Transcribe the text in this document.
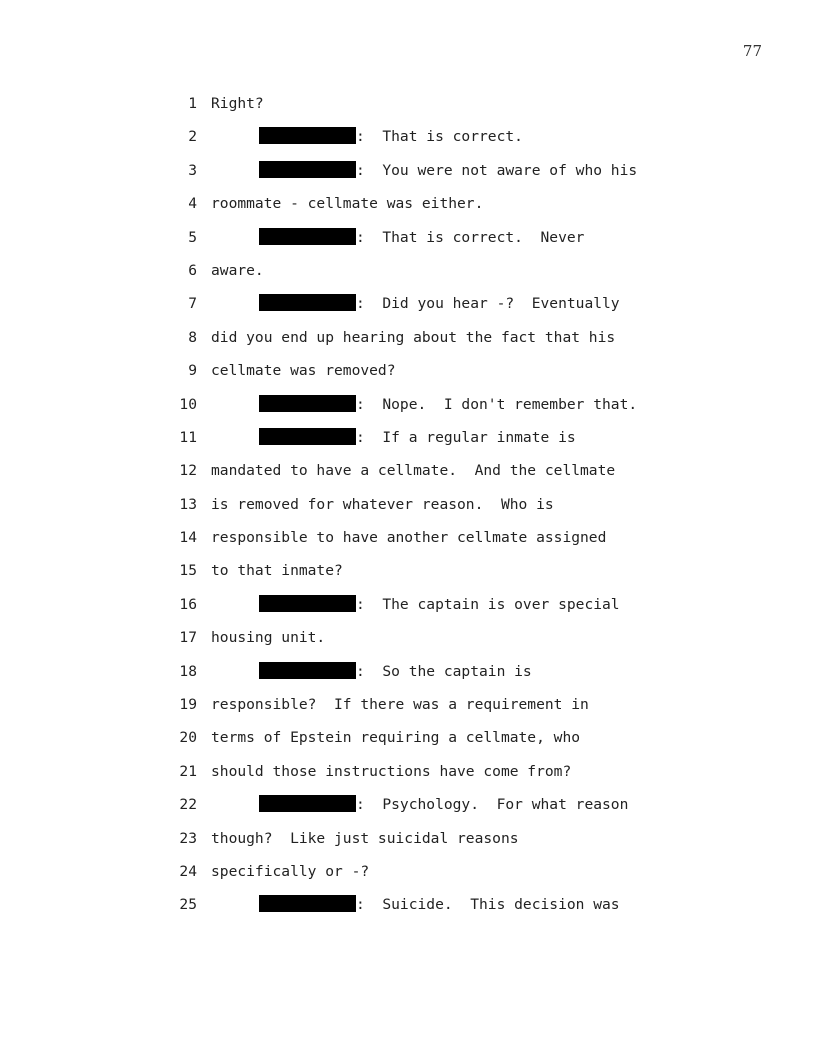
77
1 Right?
2	:  That is correct.
3	:  You were not aware of who his
4 roommate - cellmate was either.
5	:  That is correct.  Never
6 aware.
7	:  Did you hear -?  Eventually
8 did you end up hearing about the fact that his
9 cellmate was removed?
10	:  Nope.  I don't remember that.
11	:  If a regular inmate is
12 mandated to have a cellmate.  And the cellmate
13 is removed for whatever reason.  Who is
14 responsible to have another cellmate assigned
15 to that inmate?
16	:  The captain is over special
17 housing unit.
18	:  So the captain is
19 responsible?  If there was a requirement in
20 terms of Epstein requiring a cellmate, who
21 should those instructions have come from?
22	:  Psychology.  For what reason
23 though?  Like just suicidal reasons
24 specifically or -?
25	:  Suicide.  This decision was
